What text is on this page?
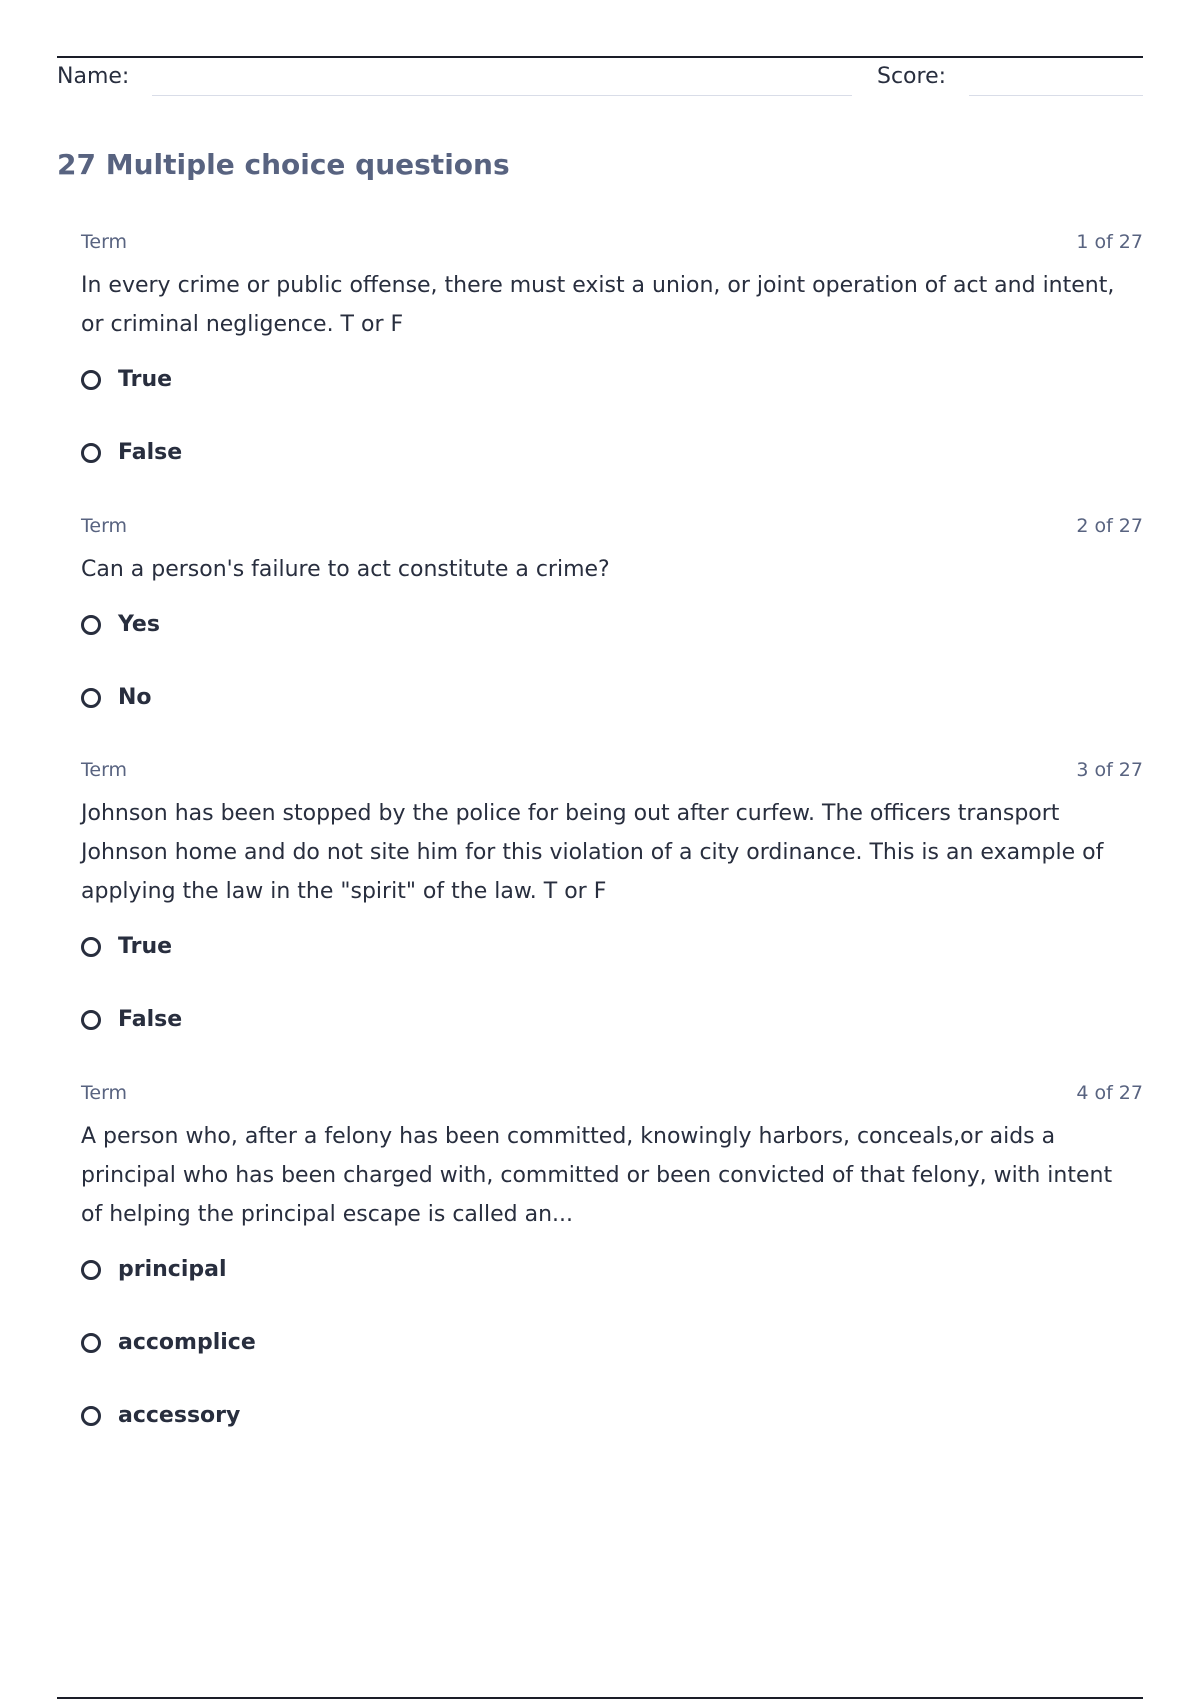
Name:	Score:
27 Multiple choice questions
Term	1 of 27
In every crime or public offense, there must exist a union, or joint operation of act and intent, or criminal negligence. T or F
True
False
Term	2 of 27
Can a person's failure to act constitute a crime?
Yes
No
Term	3 of 27
Johnson has been stopped by the police for being out after curfew. The officers transport Johnson home and do not site him for this violation of a city ordinance. This is an example of applying the law in the "spirit" of the law. T or F
True
False
Term	4 of 27
A person who, after a felony has been committed, knowingly harbors, conceals,or aids a principal who has been charged with, committed or been convicted of that felony, with intent of helping the principal escape is called an...
principal
accomplice
accessory
